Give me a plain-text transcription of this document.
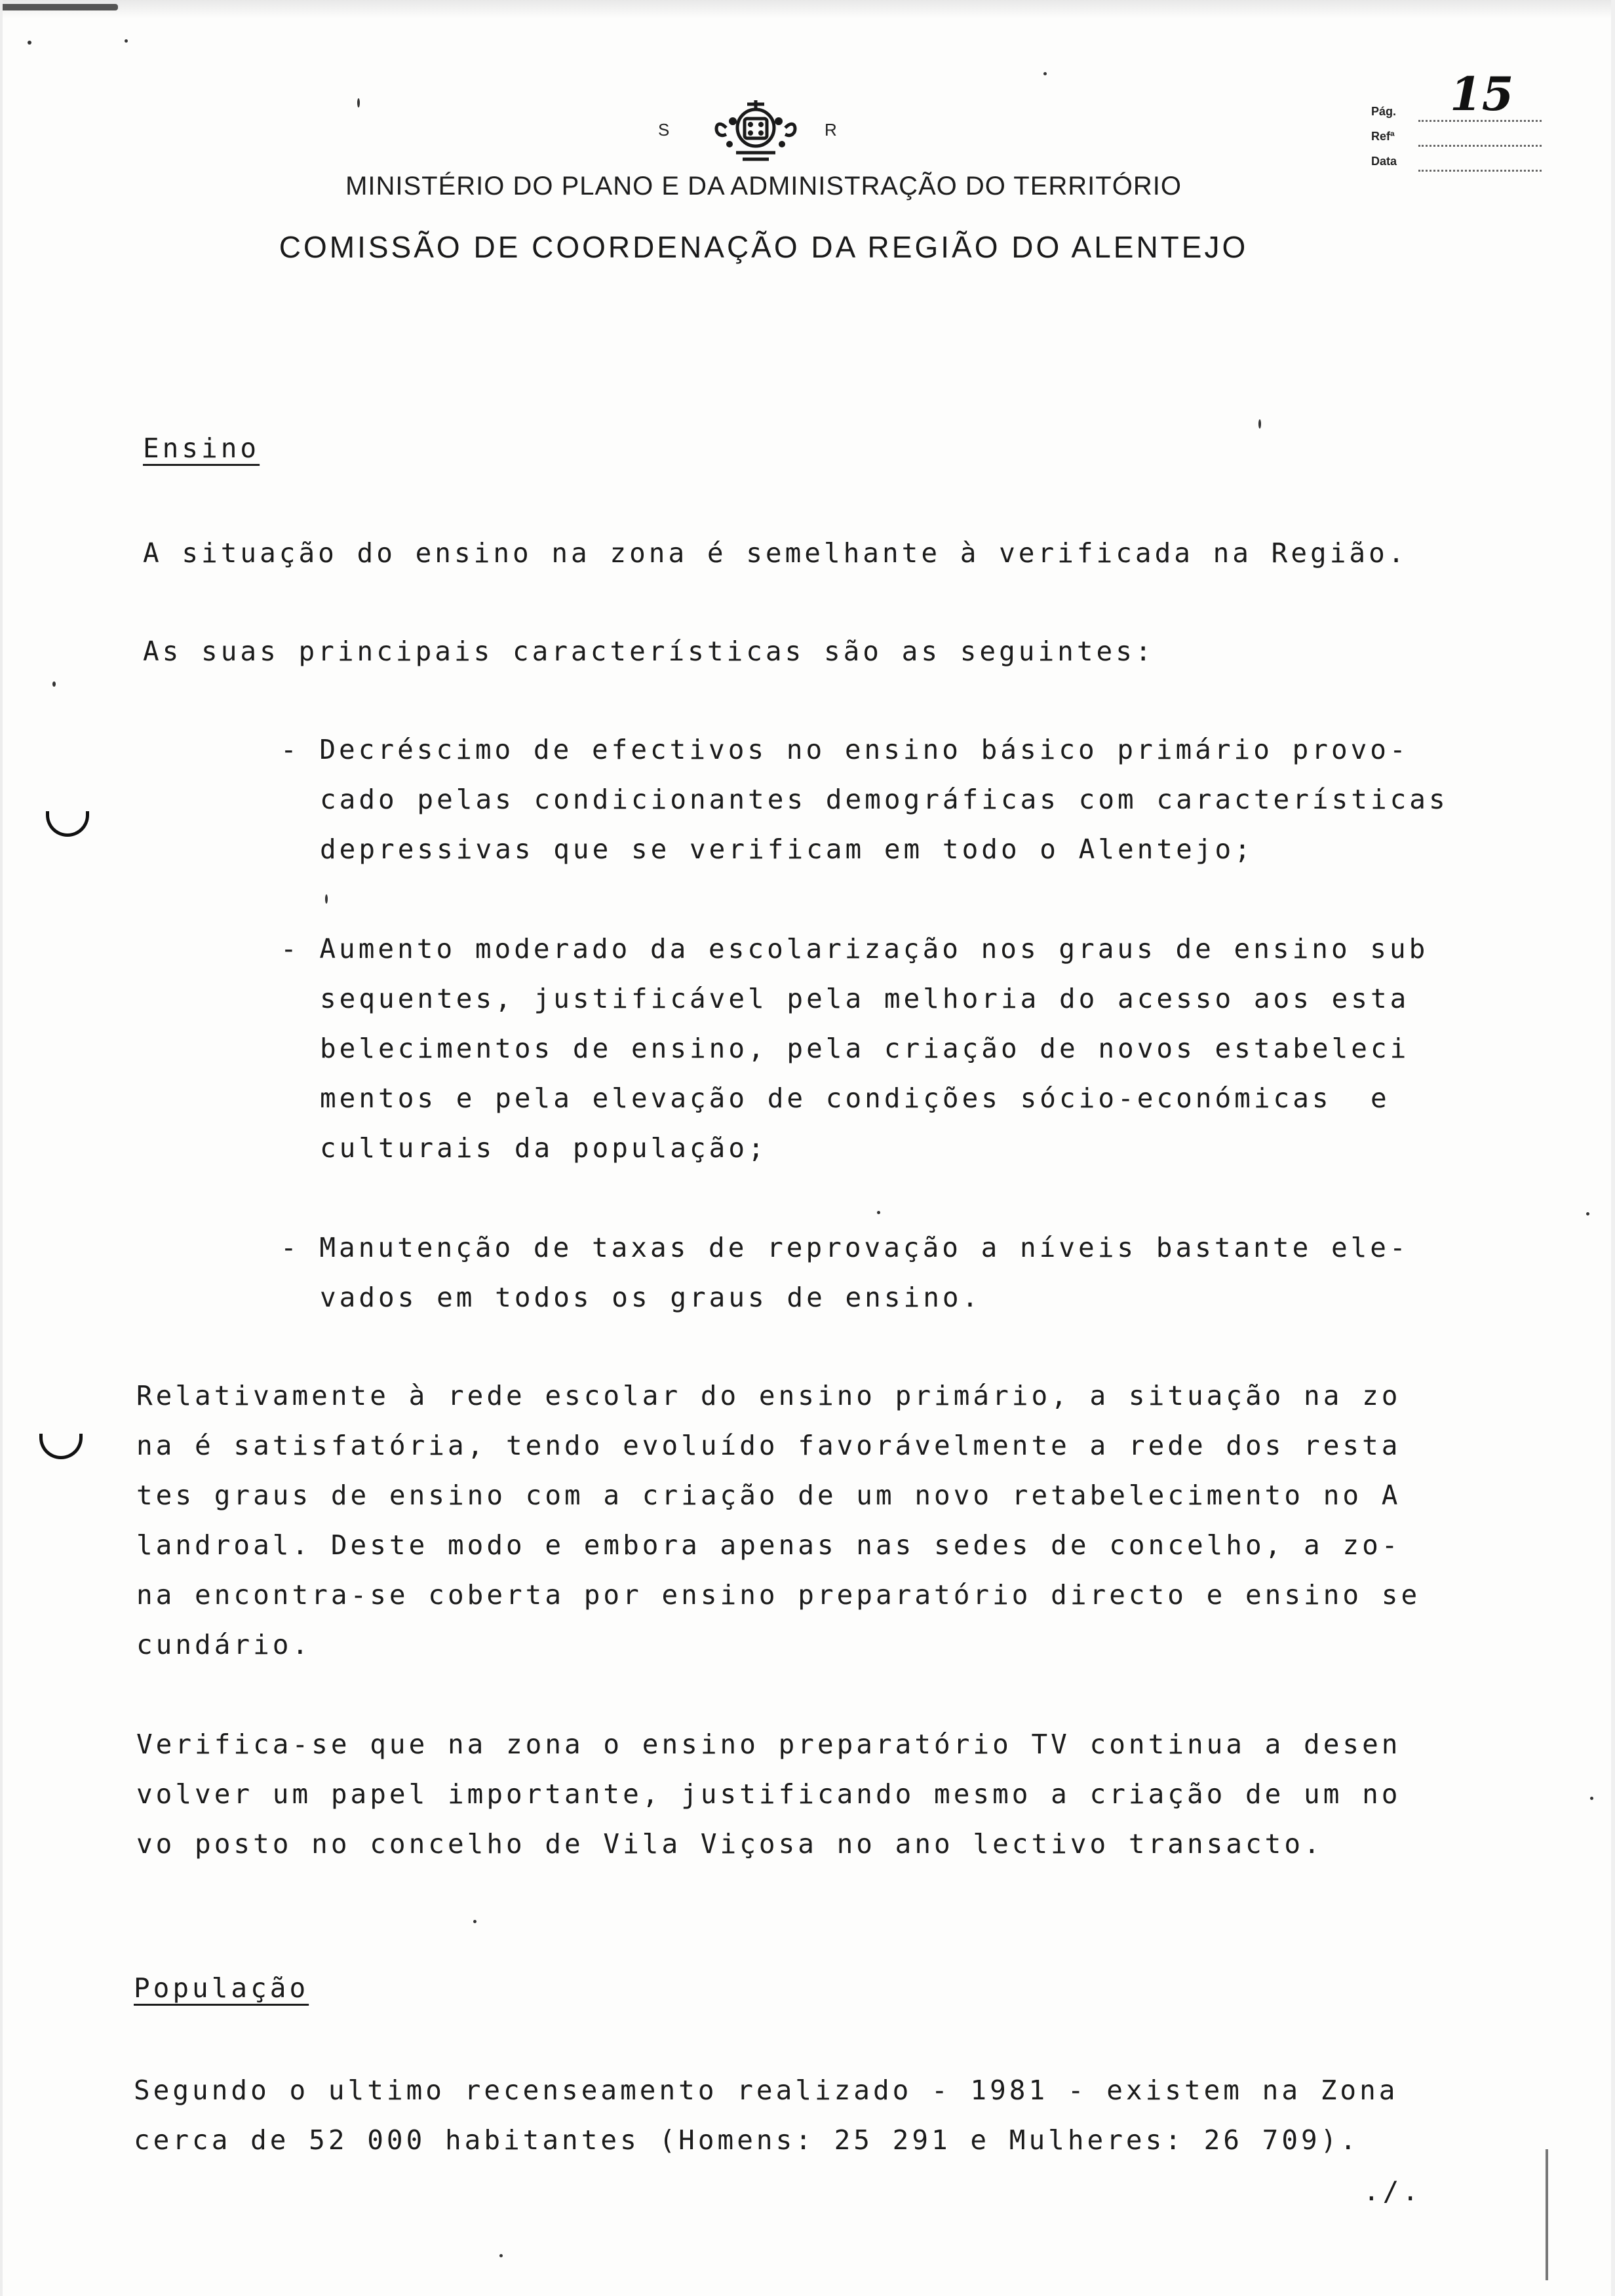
S	R
MINISTÉRIO DO PLANO E DA ADMINISTRAÇÃO DO TERRITÓRIO
COMISSÃO DE COORDENAÇÃO DA REGIÃO DO ALENTEJO
Pág. 15
Refª
Data
Ensino
A situação do ensino na zona é semelhante à verificada na Região.
As suas principais características são as seguintes:
- Decréscimo de efectivos no ensino básico primário provo-
cado pelas condicionantes demográficas com características
depressivas que se verificam em todo o Alentejo;
- Aumento moderado da escolarização nos graus de ensino sub
sequentes, justificável pela melhoria do acesso aos esta
belecimentos de ensino, pela criação de novos estabeleci
mentos e pela elevação de condições sócio-económicas  e
culturais da população;
- Manutenção de taxas de reprovação a níveis bastante ele-
vados em todos os graus de ensino.
Relativamente à rede escolar do ensino primário, a situação na zo
na é satisfatória, tendo evoluído favorávelmente a rede dos resta
tes graus de ensino com a criação de um novo retabelecimento no A
landroal. Deste modo e embora apenas nas sedes de concelho, a zo-
na encontra-se coberta por ensino preparatório directo e ensino se
cundário.
Verifica-se que na zona o ensino preparatório TV continua a desen
volver um papel importante, justificando mesmo a criação de um no
vo posto no concelho de Vila Viçosa no ano lectivo transacto.
População
Segundo o ultimo recenseamento realizado - 1981 - existem na Zona
cerca de 52 000 habitantes (Homens: 25 291 e Mulheres: 26 709).
./.
